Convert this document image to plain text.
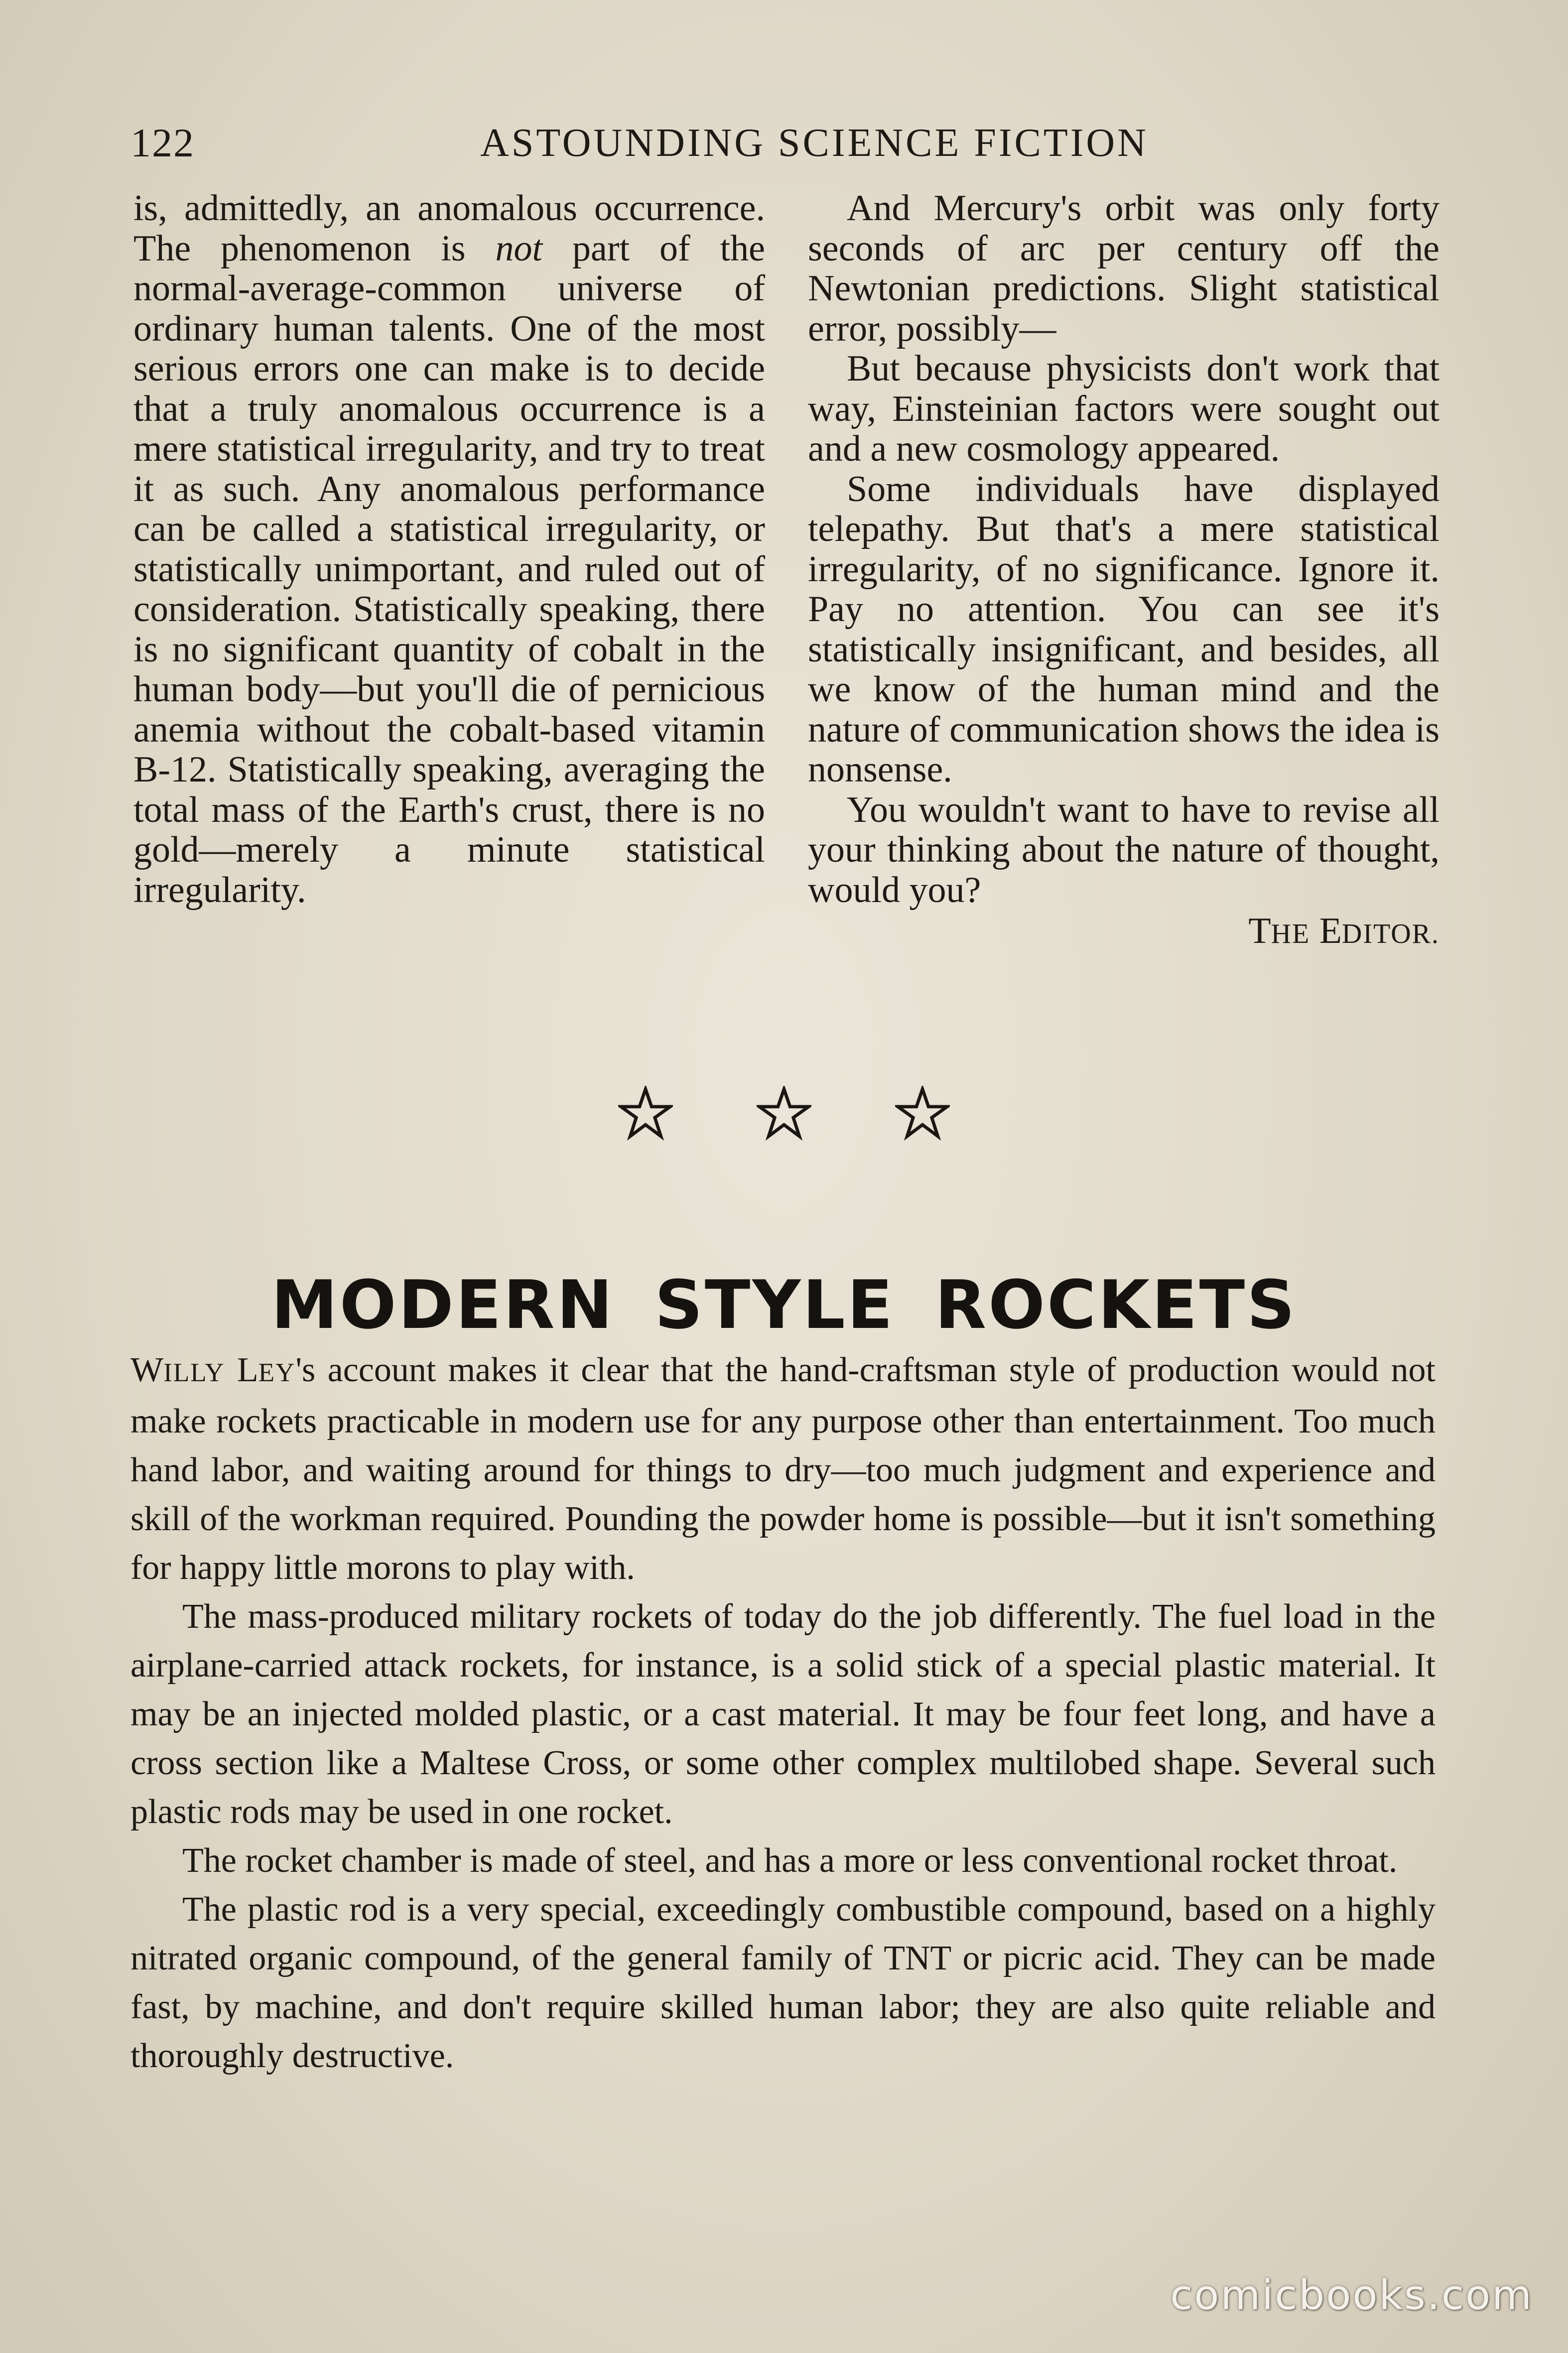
122	ASTOUNDING SCIENCE FICTION

is, admittedly, an anomalous occurrence. The phenomenon is not part of the normal-average-common universe of ordinary human talents. One of the most serious errors one can make is to decide that a truly anomalous occurrence is a mere statistical irregularity, and try to treat it as such. Any anomalous performance can be called a statistical irregularity, or statistically unimportant, and ruled out of consideration. Statistically speaking, there is no significant quantity of cobalt in the human body—but you'll die of pernicious anemia without the cobalt-based vitamin B-12. Statistically speaking, averaging the total mass of the Earth's crust, there is no gold—merely a minute statistical irregularity.

And Mercury's orbit was only forty seconds of arc per century off the Newtonian predictions. Slight statistical error, possibly—

But because physicists don't work that way, Einsteinian factors were sought out and a new cosmology appeared.

Some individuals have displayed telepathy. But that's a mere statistical irregularity, of no significance. Ignore it. Pay no attention. You can see it's statistically insignificant, and besides, all we know of the human mind and the nature of communication shows the idea is nonsense.

You wouldn't want to have to revise all your thinking about the nature of thought, would you?

THE EDITOR.
MODERN STYLE ROCKETS

WILLY LEY's account makes it clear that the hand-craftsman style of production would not make rockets practicable in modern use for any purpose other than entertainment. Too much hand labor, and waiting around for things to dry—too much judgment and experience and skill of the workman required. Pounding the powder home is possible—but it isn't something for happy little morons to play with.

The mass-produced military rockets of today do the job differently. The fuel load in the airplane-carried attack rockets, for instance, is a solid stick of a special plastic material. It may be an injected molded plastic, or a cast material. It may be four feet long, and have a cross section like a Maltese Cross, or some other complex multilobed shape. Several such plastic rods may be used in one rocket.

The rocket chamber is made of steel, and has a more or less conventional rocket throat.

The plastic rod is a very special, exceedingly combustible compound, based on a highly nitrated organic compound, of the general family of TNT or picric acid. They can be made fast, by machine, and don't require skilled human labor; they are also quite reliable and thoroughly destructive.

comicbooks.com
